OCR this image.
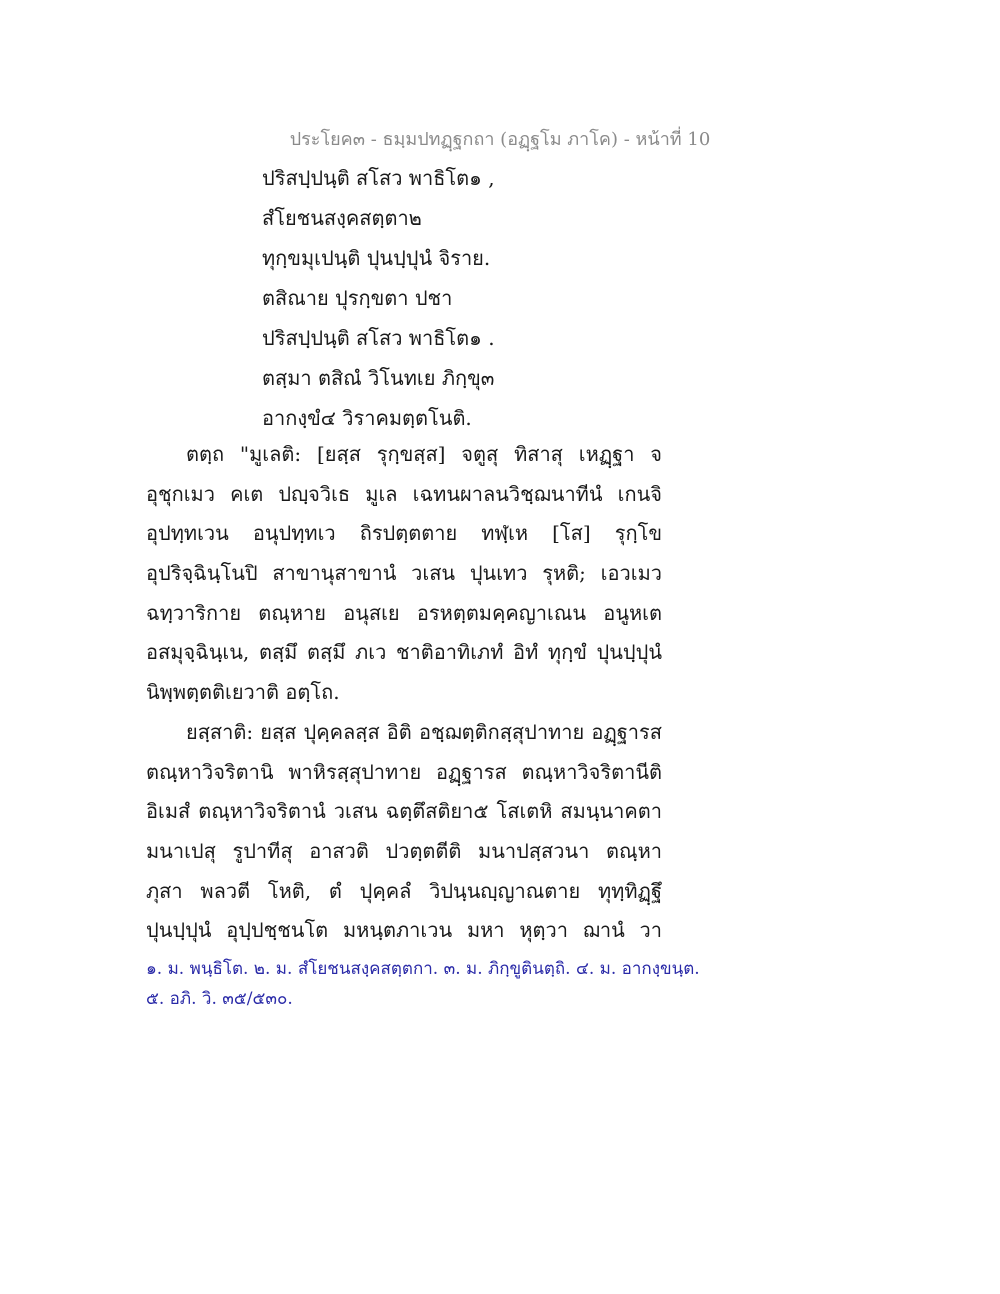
ประโยค๓ - ธมฺมปทฏฺฐกถา (อฏฺฐโม ภาโค) - หน้าที่ 10
ปริสปฺปนฺติ สโสว พาธิโต๑ ,
สํโยชนสงฺคสตฺตา๒
ทุกฺขมุเปนฺติ ปุนปฺปุนํ จิราย.
ตสิณาย ปุรกฺขตา ปชา
ปริสปฺปนฺติ สโสว พาธิโต๑ .
ตสฺมา ตสิณํ วิโนทเย ภิกฺขุ๓
อากงฺขํ๔ วิราคมตฺตโนติ.
ตตฺถ "มูเลติ: [ยสฺส รุกฺขสฺส] จตูสุ ทิสาสุ เหฏฺฐา จ
อุชุกเมว คเต ปญฺจวิเธ มูเล เฉทนผาลนวิชฺฌนาทีนํ เกนจิ
อุปทฺทเวน อนุปทฺทเว ถิรปตฺตตาย ทฬฺเห [โส] รุกฺโข
อุปริจฺฉินฺโนปิ สาขานุสาขานํ วเสน ปุนเทว รุหติ; เอวเมว
ฉทฺวาริกาย ตณฺหาย อนุสเย อรหตฺตมคฺคญาเณน อนูหเต
อสมุจฺฉินฺเน, ตสฺมึ ตสฺมึ ภเว ชาติอาทิเภทํ อิทํ ทุกฺขํ ปุนปฺปุนํ
นิพฺพตฺตติเยวาติ อตฺโถ.
ยสฺสาติ: ยสฺส ปุคฺคลสฺส อิติ อชฺฌตฺติกสฺสุปาทาย อฏฺฐารส
ตณฺหาวิจริตานิ พาหิรสฺสุปาทาย อฏฺฐารส ตณฺหาวิจริตานีติ
อิเมสํ ตณฺหาวิจริตานํ วเสน ฉตฺตึสติยา๕ โสเตหิ สมนฺนาคตา
มนาเปสุ รูปาทีสุ อาสวติ ปวตฺตตีติ มนาปสฺสวนา ตณฺหา
ภุสา พลวตี โหติ, ตํ ปุคฺคลํ วิปนฺนญฺญาณตาย ทุทฺทิฏฺฐึ
ปุนปฺปุนํ อุปฺปชฺชนโต มหนฺตภาเวน มหา หุตฺวา ฌานํ วา
๑. ม. พนฺธิโต. ๒. ม. สํโยชนสงฺคสตฺตกา. ๓. ม. ภิกฺขูตินตฺถิ. ๔. ม. อากงฺขนฺต.
๕. อภิ. วิ. ๓๕/๕๓๐.
